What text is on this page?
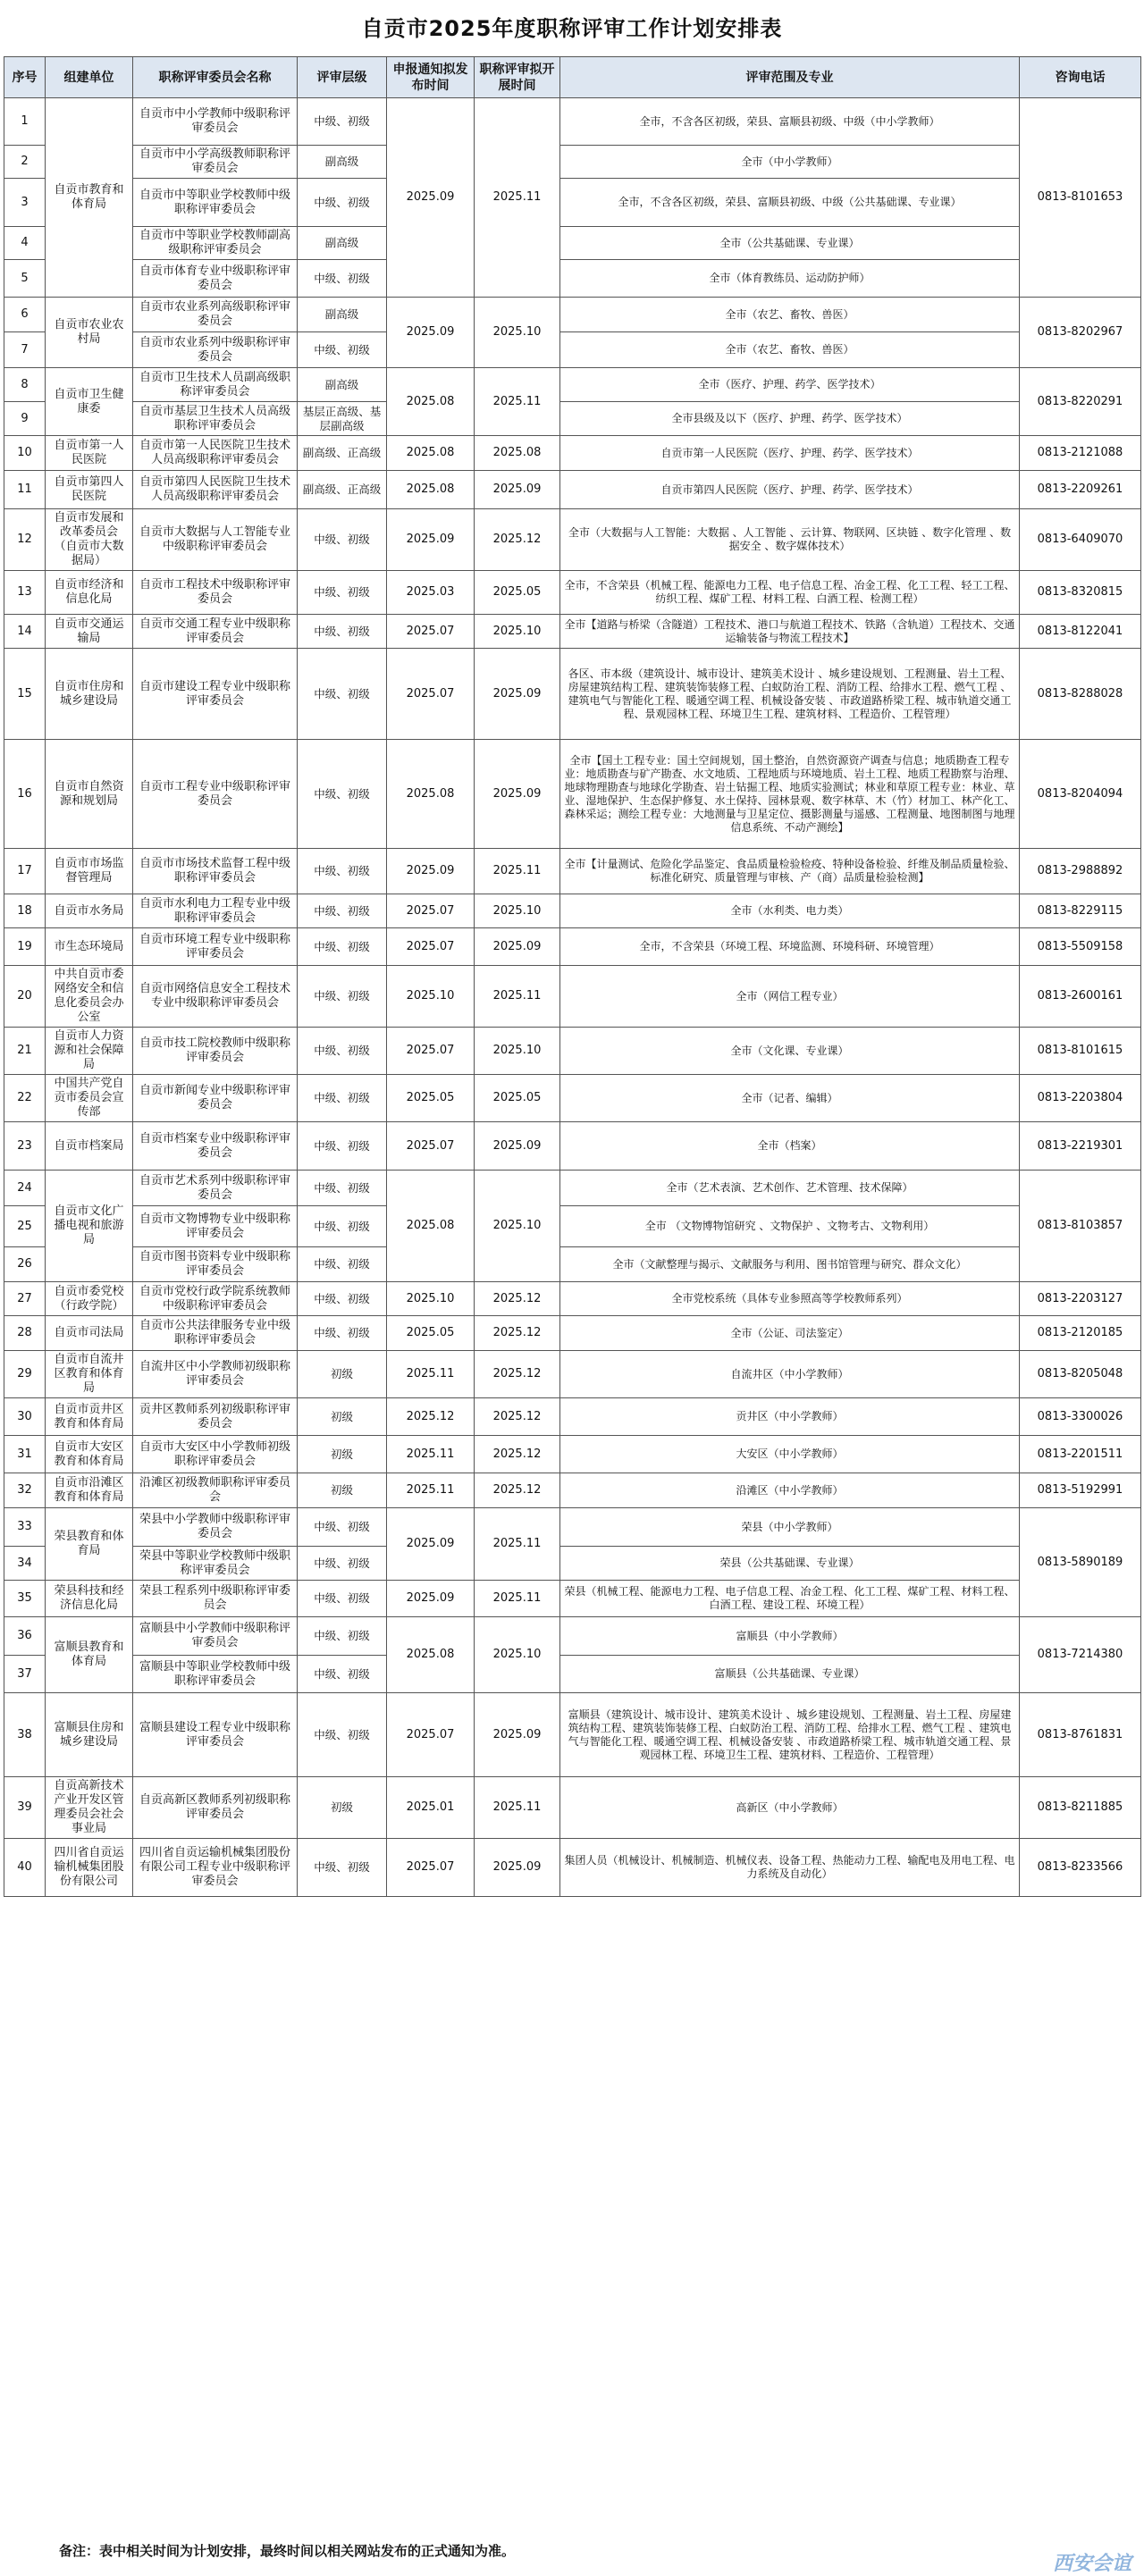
自贡市2025年度职称评审工作计划安排表
序号	组建单位	职称评审委员会名称	评审层级	申报通知拟发布时间	职称评审拟开展时间	评审范围及专业	咨询电话
1	自贡市教育和体育局	自贡市中小学教师中级职称评审委员会	中级、初级	2025.09	2025.11	全市，不含各区初级，荣县、富顺县初级、中级（中小学教师）	0813-8101653
2		自贡市中小学高级教师职称评审委员会	副高级			全市（中小学教师）	
3		自贡市中等职业学校教师中级职称评审委员会	中级、初级			全市，不含各区初级，荣县、富顺县初级、中级（公共基础课、专业课）	
4		自贡市中等职业学校教师副高级职称评审委员会	副高级			全市（公共基础课、专业课）	
5		自贡市体育专业中级职称评审委员会	中级、初级			全市（体育教练员、运动防护师）	
6	自贡市农业农村局	自贡市农业系列高级职称评审委员会	副高级	2025.09	2025.10	全市（农艺、畜牧、兽医）	0813-8202967
7		自贡市农业系列中级职称评审委员会	中级、初级			全市（农艺、畜牧、兽医）	
8	自贡市卫生健康委	自贡市卫生技术人员副高级职称评审委员会	副高级	2025.08	2025.11	全市（医疗、护理、药学、医学技术）	0813-8220291
9		自贡市基层卫生技术人员高级职称评审委员会	基层正高级、基层副高级			全市县级及以下（医疗、护理、药学、医学技术）	
10	自贡市第一人民医院	自贡市第一人民医院卫生技术人员高级职称评审委员会	副高级、正高级	2025.08	2025.08	自贡市第一人民医院（医疗、护理、药学、医学技术）	0813-2121088
11	自贡市第四人民医院	自贡市第四人民医院卫生技术人员高级职称评审委员会	副高级、正高级	2025.08	2025.09	自贡市第四人民医院（医疗、护理、药学、医学技术）	0813-2209261
12	自贡市发展和改革委员会（自贡市大数据局）	自贡市大数据与人工智能专业中级职称评审委员会	中级、初级	2025.09	2025.12	全市（大数据与人工智能：大数据 、人工智能 、云计算、物联网、区块链 、数字化管理 、数据安全 、数字媒体技术）	0813-6409070
13	自贡市经济和信息化局	自贡市工程技术中级职称评审委员会	中级、初级	2025.03	2025.05	全市，不含荣县（机械工程、能源电力工程、电子信息工程、冶金工程、化工工程、轻工工程、纺织工程、煤矿工程、材料工程、白酒工程、检测工程）	0813-8320815
14	自贡市交通运输局	自贡市交通工程专业中级职称评审委员会	中级、初级	2025.07	2025.10	全市【道路与桥梁（含隧道）工程技术、港口与航道工程技术、铁路（含轨道）工程技术、交通运输装备与物流工程技术】	0813-8122041
15	自贡市住房和城乡建设局	自贡市建设工程专业中级职称评审委员会	中级、初级	2025.07	2025.09	各区、市本级（建筑设计、城市设计、建筑美术设计 、城乡建设规划、工程测量、岩土工程、房屋建筑结构工程、建筑装饰装修工程、白蚁防治工程、消防工程、给排水工程、燃气工程 、建筑电气与智能化工程、暖通空调工程、机械设备安装 、市政道路桥梁工程、城市轨道交通工程、景观园林工程、环境卫生工程、建筑材料、工程造价、工程管理）	0813-8288028
16	自贡市自然资源和规划局	自贡市工程专业中级职称评审委员会	中级、初级	2025.08	2025.09	全市【国土工程专业：国土空间规划，国土整治，自然资源资产调查与信息；地质勘查工程专业：地质勘查与矿产勘查、水文地质、工程地质与环境地质、岩土工程、地质工程勘察与治理、地球物理勘查与地球化学勘查、岩土钻掘工程、地质实验测试；林业和草原工程专业：林业、草业、湿地保护、生态保护修复、水土保持、园林景观、数字林草、木（竹）材加工、林产化工、森林采运；测绘工程专业：大地测量与卫星定位、摄影测量与遥感、工程测量、地图制图与地理信息系统、不动产测绘】	0813-8204094
17	自贡市市场监督管理局	自贡市市场技术监督工程中级职称评审委员会	中级、初级	2025.09	2025.11	全市【计量测试、危险化学品鉴定、食品质量检验检疫、特种设备检验、纤维及制品质量检验、标准化研究、质量管理与审核、产（商）品质量检验检测】	0813-2988892
18	自贡市水务局	自贡市水利电力工程专业中级职称评审委员会	中级、初级	2025.07	2025.10	全市（水利类、电力类）	0813-8229115
19	市生态环境局	自贡市环境工程专业中级职称评审委员会	中级、初级	2025.07	2025.09	全市，不含荣县（环境工程、环境监测、环境科研、环境管理）	0813-5509158
20	中共自贡市委网络安全和信息化委员会办公室	自贡市网络信息安全工程技术专业中级职称评审委员会	中级、初级	2025.10	2025.11	全市（网信工程专业）	0813-2600161
21	自贡市人力资源和社会保障局	自贡市技工院校教师中级职称评审委员会	中级、初级	2025.07	2025.10	全市（文化课、专业课）	0813-8101615
22	中国共产党自贡市委员会宣传部	自贡市新闻专业中级职称评审委员会	中级、初级	2025.05	2025.05	全市（记者、编辑）	0813-2203804
23	自贡市档案局	自贡市档案专业中级职称评审委员会	中级、初级	2025.07	2025.09	全市（档案）	0813-2219301
24	自贡市文化广播电视和旅游局	自贡市艺术系列中级职称评审委员会	中级、初级	2025.08	2025.10	全市（艺术表演、艺术创作、艺术管理、技术保障）	0813-8103857
25		自贡市文物博物专业中级职称评审委员会	中级、初级			全市 （文物博物馆研究 、文物保护 、文物考古、文物利用）	
26		自贡市图书资料专业中级职称评审委员会	中级、初级			全市（文献整理与揭示、文献服务与利用、图书馆管理与研究、群众文化）	
27	自贡市委党校（行政学院）	自贡市党校行政学院系统教师中级职称评审委员会	中级、初级	2025.10	2025.12	全市党校系统（具体专业参照高等学校教师系列）	0813-2203127
28	自贡市司法局	自贡市公共法律服务专业中级职称评审委员会	中级、初级	2025.05	2025.12	全市（公证、司法鉴定）	0813-2120185
29	自贡市自流井区教育和体育局	自流井区中小学教师初级职称评审委员会	初级	2025.11	2025.12	自流井区（中小学教师）	0813-8205048
30	自贡市贡井区教育和体育局	贡井区教师系列初级职称评审委员会	初级	2025.12	2025.12	贡井区（中小学教师）	0813-3300026
31	自贡市大安区教育和体育局	自贡市大安区中小学教师初级职称评审委员会	初级	2025.11	2025.12	大安区（中小学教师）	0813-2201511
32	自贡市沿滩区教育和体育局	沿滩区初级教师职称评审委员会	初级	2025.11	2025.12	沿滩区（中小学教师）	0813-5192991
33	荣县教育和体育局	荣县中小学教师中级职称评审委员会	中级、初级	2025.09	2025.11	荣县（中小学教师）	0813-5890189
34		荣县中等职业学校教师中级职称评审委员会	中级、初级			荣县（公共基础课、专业课）	
35	荣县科技和经济信息化局	荣县工程系列中级职称评审委员会	中级、初级	2025.09	2025.11	荣县（机械工程、能源电力工程、电子信息工程、冶金工程、化工工程、煤矿工程、材料工程、白酒工程、建设工程、环境工程）	
36	富顺县教育和体育局	富顺县中小学教师中级职称评审委员会	中级、初级	2025.08	2025.10	富顺县（中小学教师）	0813-7214380
37		富顺县中等职业学校教师中级职称评审委员会	中级、初级			富顺县（公共基础课、专业课）	
38	富顺县住房和城乡建设局	富顺县建设工程专业中级职称评审委员会	中级、初级	2025.07	2025.09	富顺县（建筑设计、城市设计、建筑美术设计 、城乡建设规划、工程测量、岩土工程、房屋建筑结构工程、建筑装饰装修工程、白蚁防治工程、消防工程、给排水工程、燃气工程 、建筑电气与智能化工程、暖通空调工程、机械设备安装 、市政道路桥梁工程、城市轨道交通工程、景观园林工程、环境卫生工程、建筑材料、工程造价、工程管理）	0813-8761831
39	自贡高新技术产业开发区管理委员会社会事业局	自贡高新区教师系列初级职称评审委员会	初级	2025.01	2025.11	高新区（中小学教师）	0813-8211885
40	四川省自贡运输机械集团股份有限公司	四川省自贡运输机械集团股份有限公司工程专业中级职称评审委员会	中级、初级	2025.07	2025.09	集团人员（机械设计、机械制造、机械仪表、设备工程、热能动力工程、输配电及用电工程、电力系统及自动化）	0813-8233566
备注：表中相关时间为计划安排，最终时间以相关网站发布的正式通知为准。
西安会谊
